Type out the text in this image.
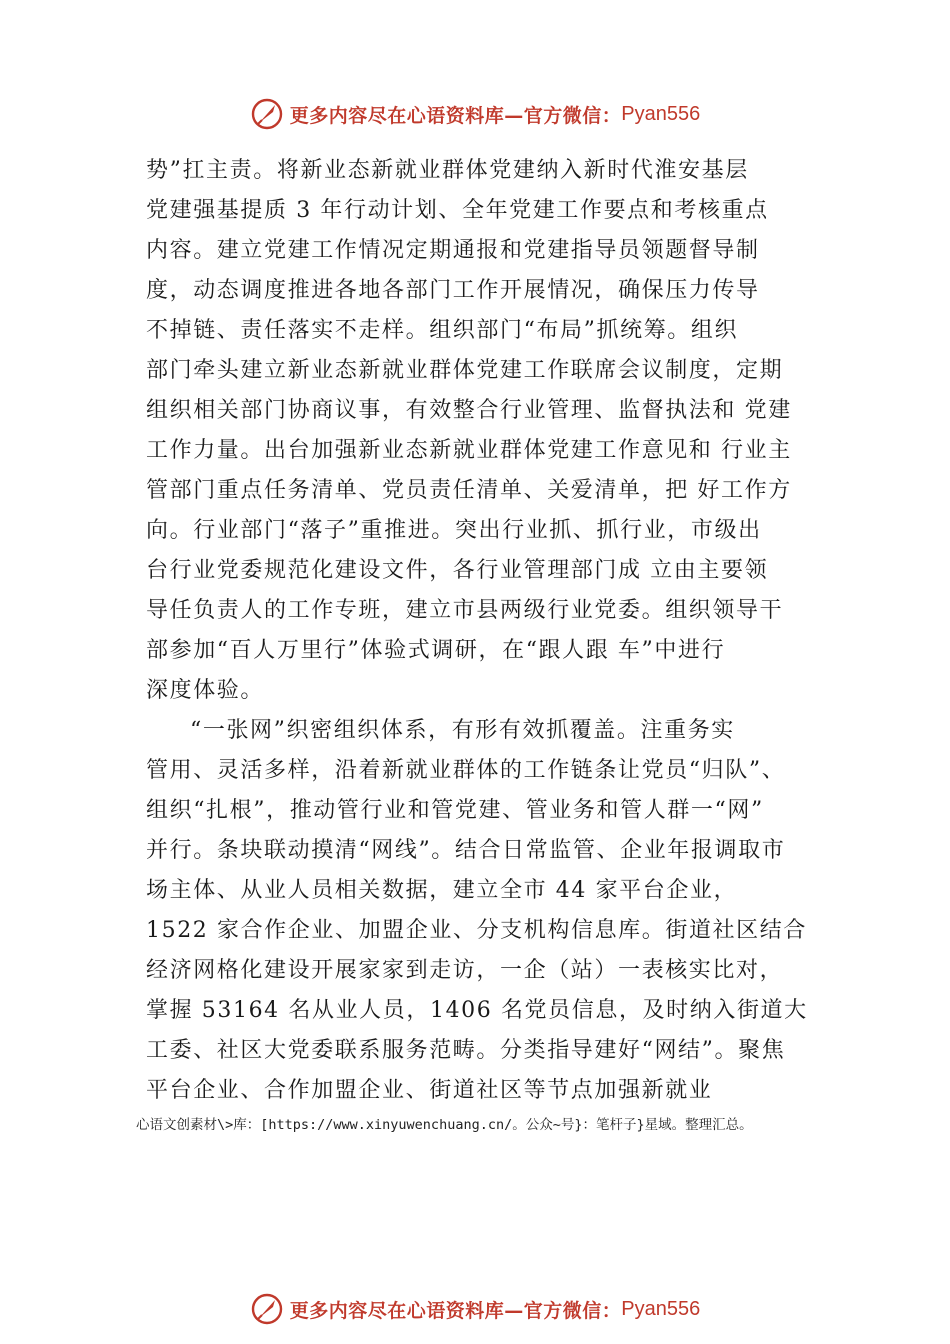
更多内容尽在心语资料库—官方微信： Pyan556
势”扛主责。将新业态新就业群体党建纳入新时代淮安基层
党建强基提质 3 年行动计划、全年党建工作要点和考核重点
内容。建立党建工作情况定期通报和党建指导员领题督导制
度，动态调度推进各地各部门工作开展情况，确保压力传导
不掉链、责任落实不走样。组织部门“布局”抓统筹。组织
部门牵头建立新业态新就业群体党建工作联席会议制度，定期
组织相关部门协商议事，有效整合行业管理、监督执法和 党建
工作力量。出台加强新业态新就业群体党建工作意见和 行业主
管部门重点任务清单、党员责任清单、关爱清单，把 好工作方
向。行业部门“落子”重推进。突出行业抓、抓行业，市级出
台行业党委规范化建设文件，各行业管理部门成 立由主要领
导任负责人的工作专班，建立市县两级行业党委。组织领导干
部参加“百人万里行”体验式调研，在“跟人跟 车”中进行
深度体验。
“一张网”织密组织体系，有形有效抓覆盖。注重务实
管用、灵活多样，沿着新就业群体的工作链条让党员“归队”、
组织“扎根”，推动管行业和管党建、管业务和管人群一“网”
并行。条块联动摸清“网线”。结合日常监管、企业年报调取市
场主体、从业人员相关数据，建立全市 44 家平台企业，
1522 家合作企业、加盟企业、分支机构信息库。街道社区结合
经济网格化建设开展家家到走访，一企（站）一表核实比对，
掌握 53164 名从业人员，1406 名党员信息，及时纳入街道大
工委、社区大党委联系服务范畴。分类指导建好“网结”。聚焦
平台企业、合作加盟企业、街道社区等节点加强新就业
心语文创素材\>库：[https://www.xinyuwenchuang.cn/。公众~号}：笔杆子}星域。整理汇总。
更多内容尽在心语资料库—官方微信： Pyan556
